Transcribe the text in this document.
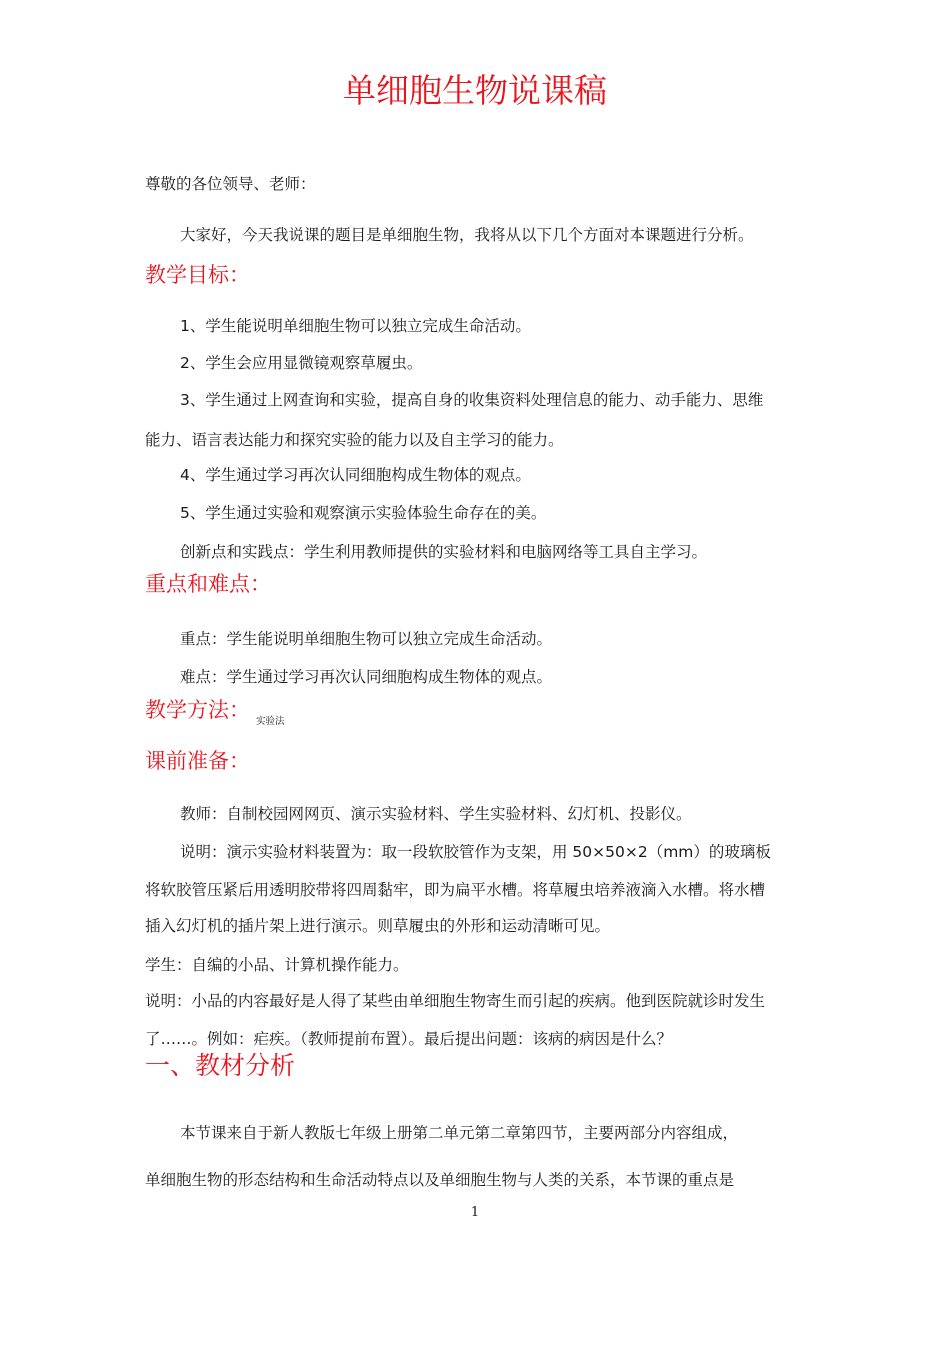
单细胞生物说课稿
尊敬的各位领导、老师：
大家好，今天我说课的题目是单细胞生物，我将从以下几个方面对本课题进行分析。
教学目标：
1、学生能说明单细胞生物可以独立完成生命活动。
2、学生会应用显微镜观察草履虫。
3、学生通过上网查询和实验，提高自身的收集资料处理信息的能力、动手能力、思维
能力、语言表达能力和探究实验的能力以及自主学习的能力。
4、学生通过学习再次认同细胞构成生物体的观点。
5、学生通过实验和观察演示实验体验生命存在的美。
创新点和实践点：学生利用教师提供的实验材料和电脑网络等工具自主学习。
重点和难点：
重点：学生能说明单细胞生物可以独立完成生命活动。
难点：学生通过学习再次认同细胞构成生物体的观点。
教学方法： 实验法
课前准备：
教师：自制校园网网页、演示实验材料、学生实验材料、幻灯机、投影仪。
说明：演示实验材料装置为：取一段软胶管作为支架，用 50×50×2（mm）的玻璃板
将软胶管压紧后用透明胶带将四周黏牢，即为扁平水槽。将草履虫培养液滴入水槽。将水槽
插入幻灯机的插片架上进行演示。则草履虫的外形和运动清晰可见。
学生：自编的小品、计算机操作能力。
说明：小品的内容最好是人得了某些由单细胞生物寄生而引起的疾病。他到医院就诊时发生
了……。例如：疟疾。（教师提前布置）。最后提出问题：该病的病因是什么？
一、教材分析
本节课来自于新人教版七年级上册第二单元第二章第四节，主要两部分内容组成，
单细胞生物的形态结构和生命活动特点以及单细胞生物与人类的关系，本节课的重点是
1
